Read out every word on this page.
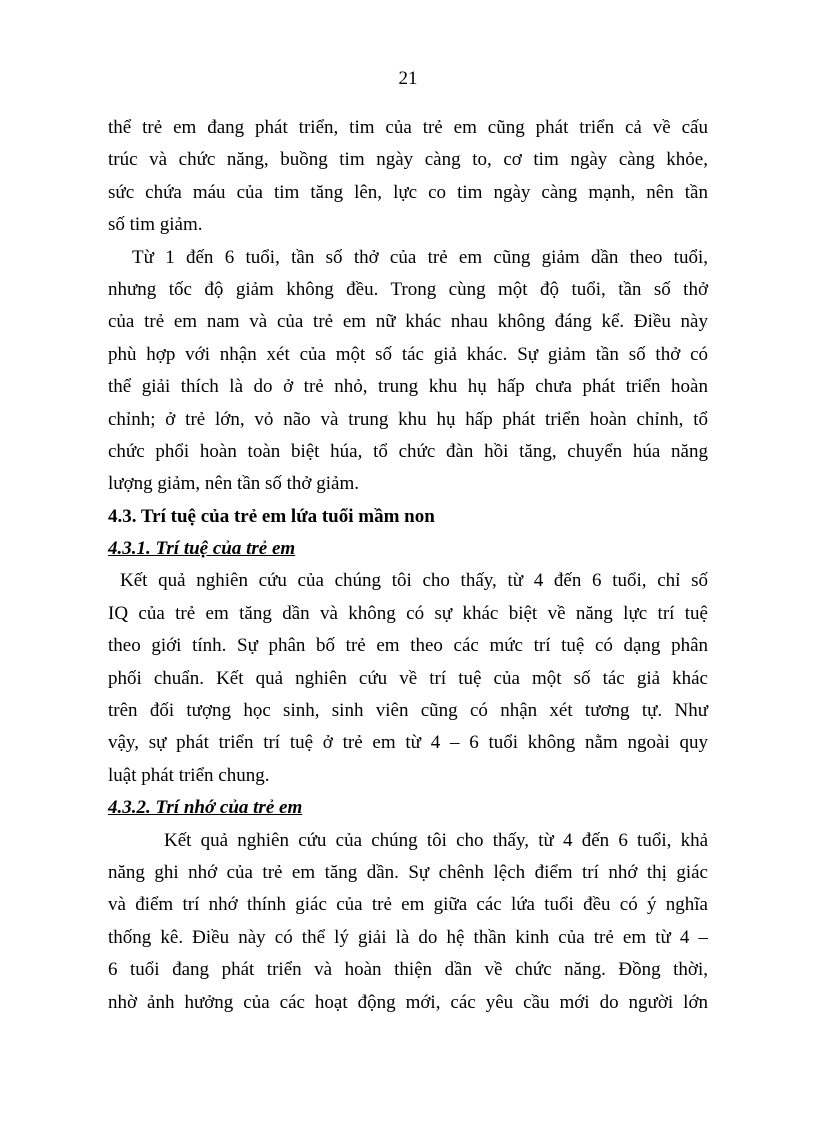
21
thể trẻ em đang phát triển, tim của trẻ em cũng phát triển cả về cấu
trúc và chức năng, buồng tim ngày càng to, cơ tim ngày càng khỏe,
sức chứa máu của tim tăng lên, lực co tim ngày càng mạnh, nên tần
số tim giảm.
Từ 1 đến 6 tuổi, tần số thở của trẻ em cũng giảm dần theo tuổi,
nhưng tốc độ giảm không đều. Trong cùng một độ tuổi, tần số thở
của trẻ em nam và của trẻ em nữ khác nhau không đáng kể. Điều này
phù hợp với nhận xét của một số tác giả khác. Sự giảm tần số thở có
thể giải thích là do ở trẻ nhỏ, trung khu hụ hấp chưa phát triển hoàn
chỉnh; ở trẻ lớn, vỏ não và trung khu hụ hấp phát triển hoàn chỉnh, tổ
chức phổi hoàn toàn biệt húa, tổ chức đàn hồi tăng, chuyển húa năng
lượng giảm, nên tần số thở giảm.
4.3. Trí tuệ của trẻ em lứa tuổi mầm non
4.3.1. Trí tuệ của trẻ em
Kết quả nghiên cứu của chúng tôi cho thấy, từ 4 đến 6 tuổi, chỉ số
IQ của trẻ em tăng dần và không có sự khác biệt về năng lực trí tuệ
theo giới tính. Sự phân bố trẻ em theo các mức trí tuệ có dạng phân
phối chuẩn. Kết quả nghiên cứu về trí tuệ của một số tác giả khác
trên đối tượng học sinh, sinh viên cũng có nhận xét tương tự. Như
vậy, sự phát triển trí tuệ ở trẻ em từ 4 – 6 tuổi không nằm ngoài quy
luật phát triển chung.
4.3.2. Trí nhớ của trẻ em
Kết quả nghiên cứu của chúng tôi cho thấy, từ 4 đến 6 tuổi, khả
năng ghi nhớ của trẻ em tăng dần. Sự chênh lệch điểm trí nhớ thị giác
và điểm trí nhớ thính giác của trẻ em giữa các lứa tuổi đều có ý nghĩa
thống kê. Điều này có thể lý giải là do hệ thần kinh của trẻ em từ 4 –
6 tuổi đang phát triển và hoàn thiện dần về chức năng. Đồng thời,
nhờ ảnh hưởng của các hoạt động mới, các yêu cầu mới do người lớn
